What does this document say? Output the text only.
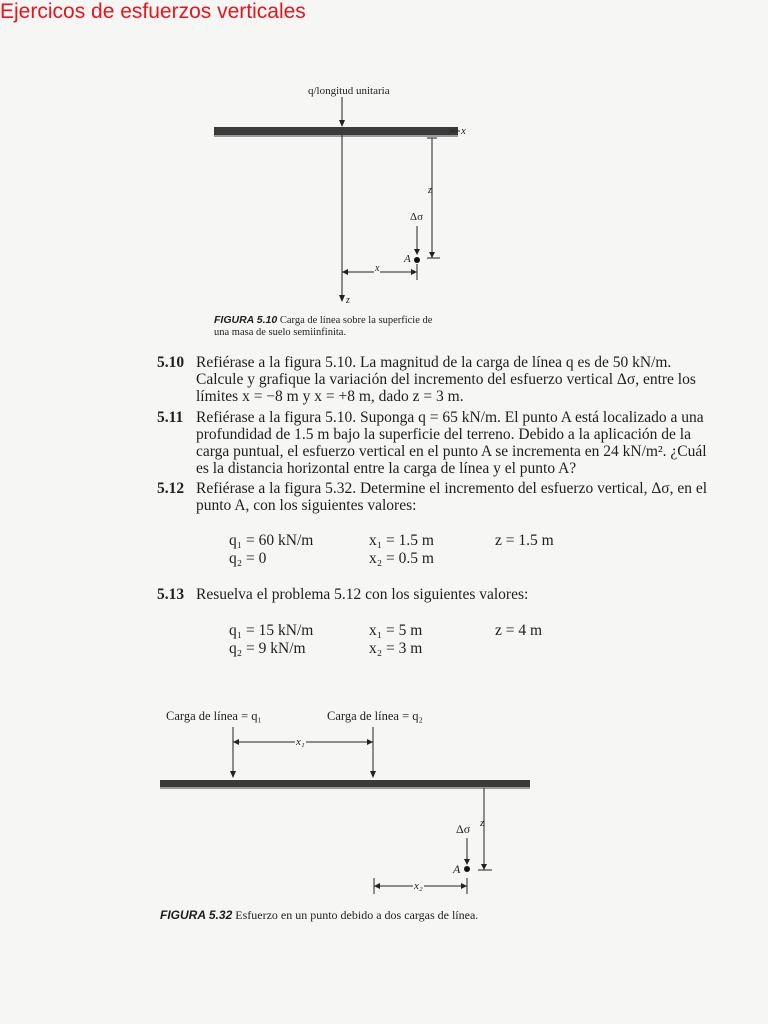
Ejercicos de esfuerzos verticales
q/longitud unitaria
x
z
Δσ
A
x
z
FIGURA 5.10 Carga de línea sobre la superficie de
una masa de suelo semiinfinita.
5.10 Refiérase a la figura 5.10. La magnitud de la carga de línea q es de 50 kN/m.
Calcule y grafique la variación del incremento del esfuerzo vertical Δσ, entre los
límites x = −8 m y x = +8 m, dado z = 3 m.
5.11 Refiérase a la figura 5.10. Suponga q = 65 kN/m. El punto A está localizado a una
profundidad de 1.5 m bajo la superficie del terreno. Debido a la aplicación de la
carga puntual, el esfuerzo vertical en el punto A se incrementa en 24 kN/m². ¿Cuál
es la distancia horizontal entre la carga de línea y el punto A?
5.12 Refiérase a la figura 5.32. Determine el incremento del esfuerzo vertical, Δσ, en el
punto A, con los siguientes valores:
q₁ = 60 kN/m
q₂ = 0
x₁ = 1.5 m
x₂ = 0.5 m
z = 1.5 m
5.13 Resuelva el problema 5.12 con los siguientes valores:
q₁ = 15 kN/m
q₂ = 9 kN/m
x₁ = 5 m
x₂ = 3 m
z = 4 m
Carga de línea = q₁	Carga de línea = q₂
x₁
z
Δσ
A
x₂
FIGURA 5.32 Esfuerzo en un punto debido a dos cargas de línea.
